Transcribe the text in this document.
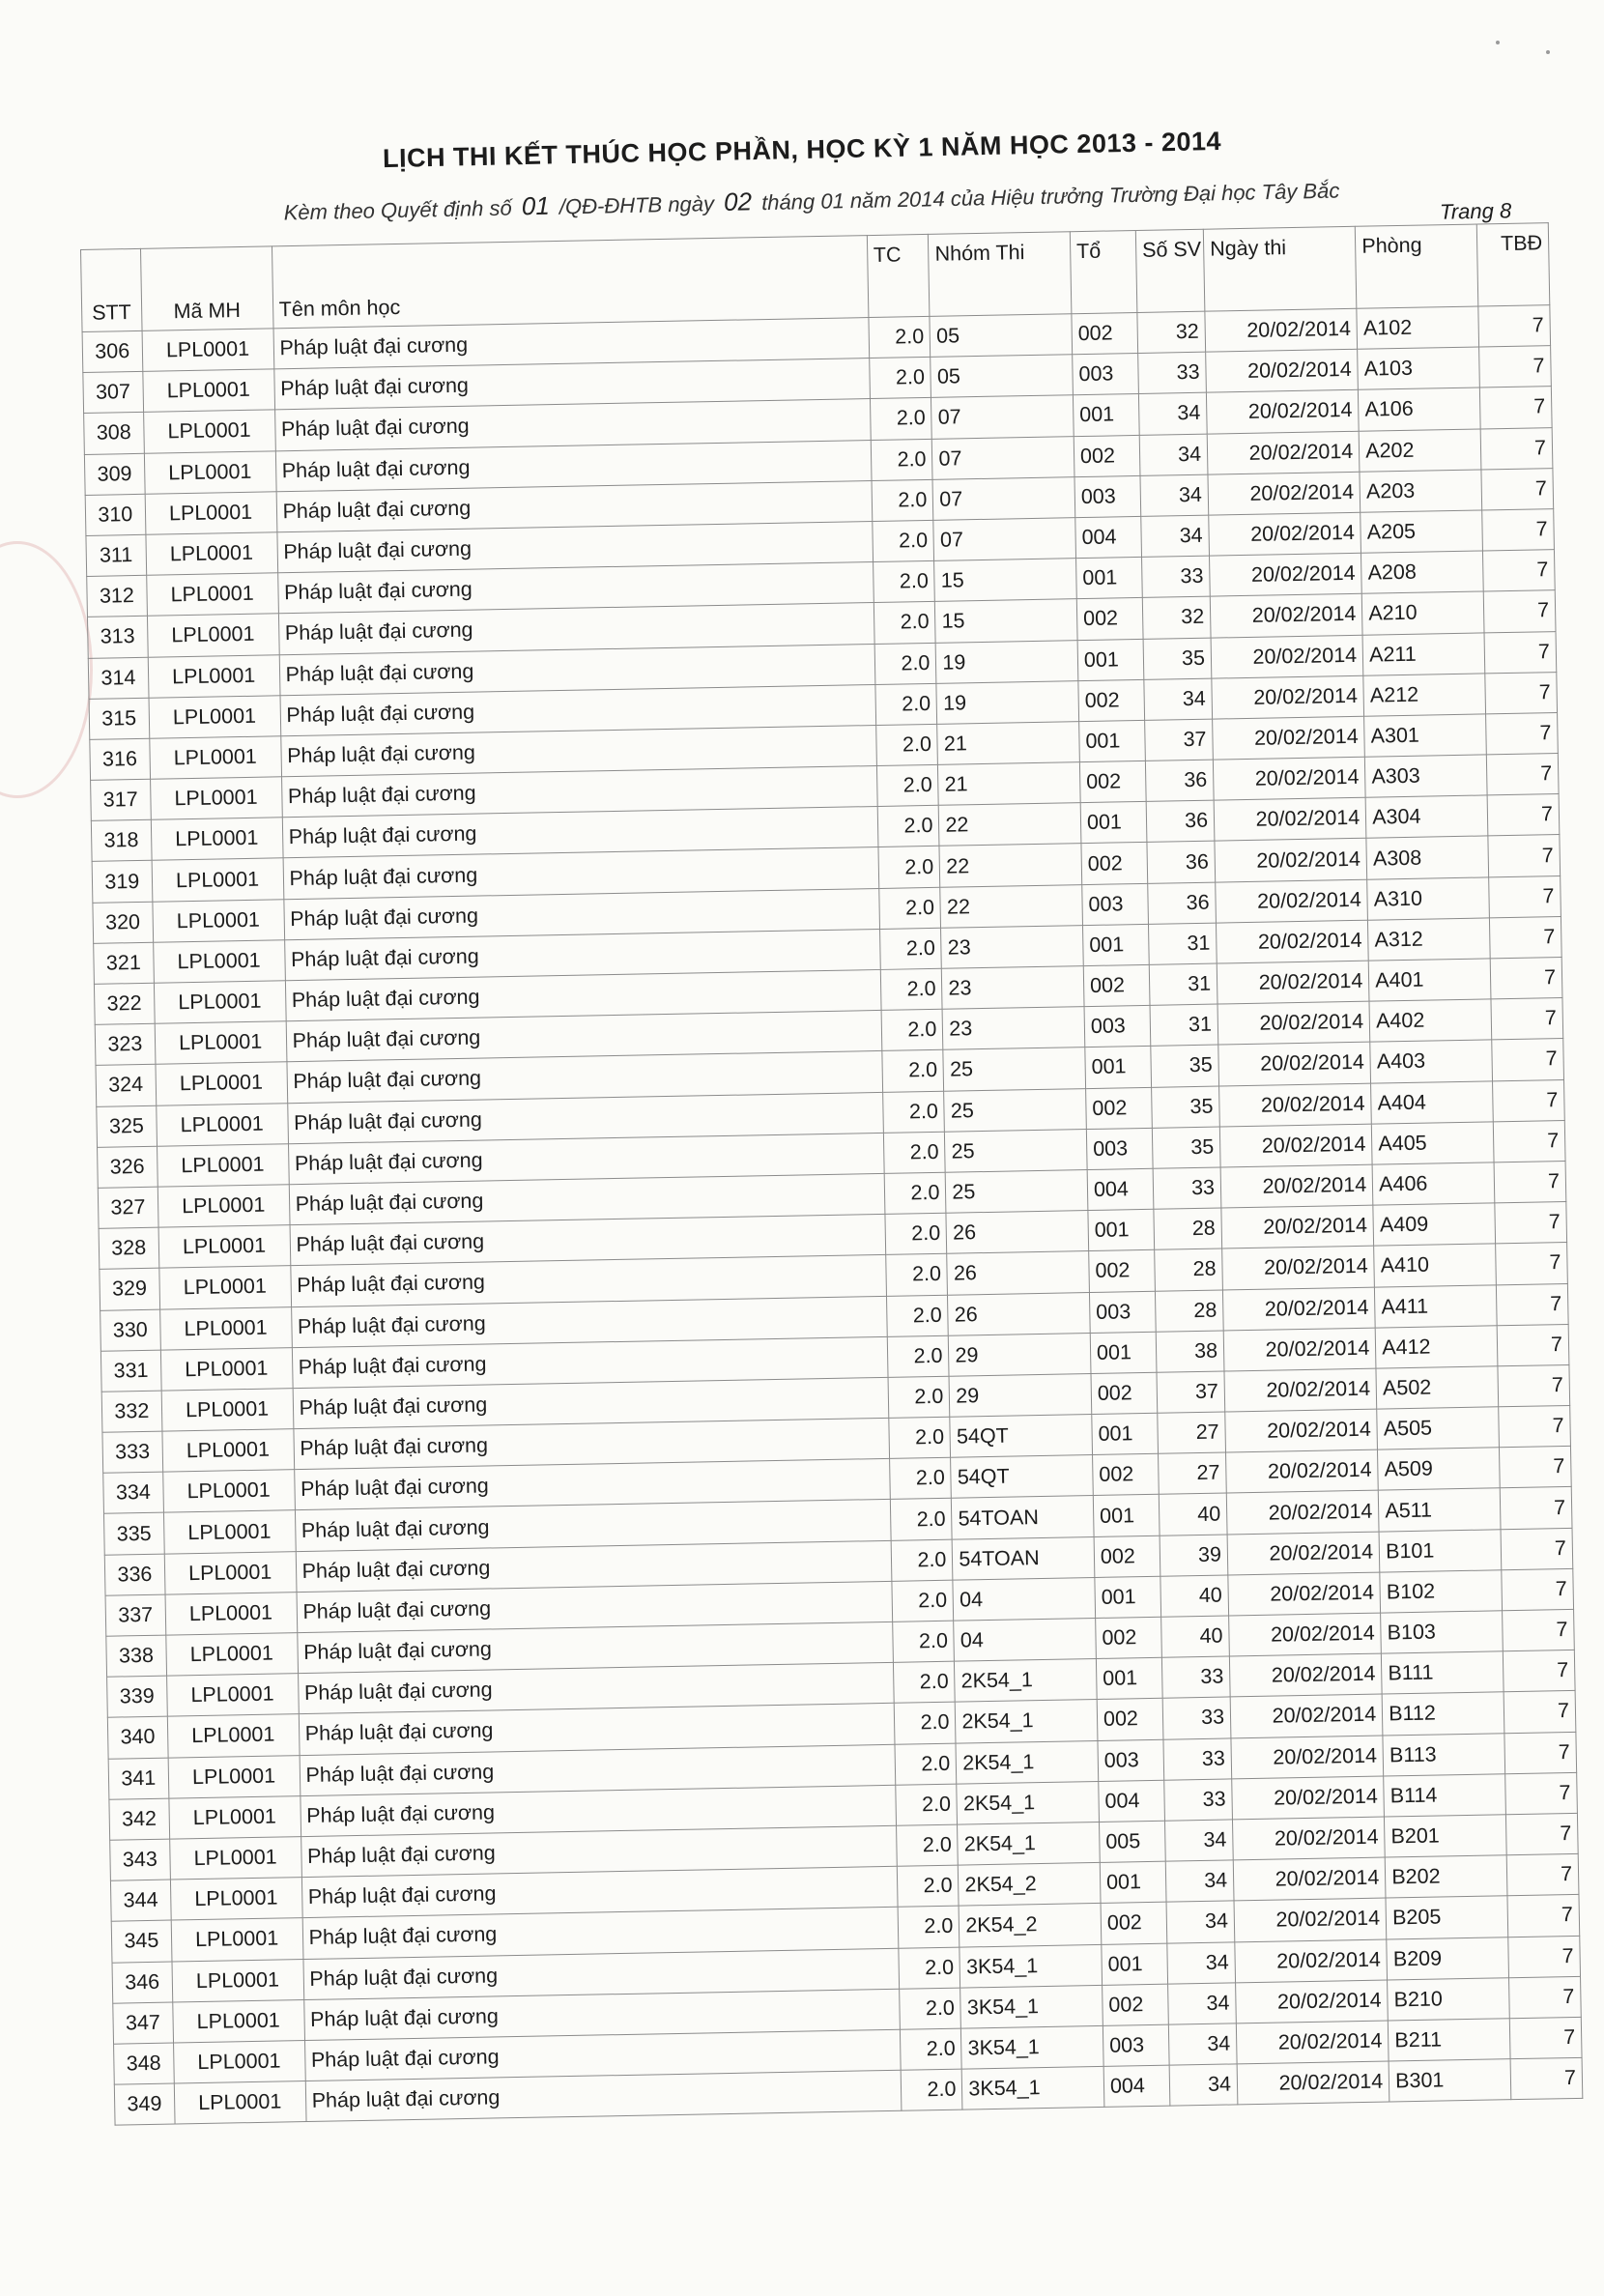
LỊCH THI KẾT THÚC HỌC PHẦN, HỌC KỲ 1 NĂM HỌC 2013 - 2014
Kèm theo Quyết định số 01 /QĐ-ĐHTB ngày 02 tháng 01 năm 2014 của Hiệu trưởng Trường Đại học Tây Bắc	Trang 8
STT	Mã MH	Tên môn học	TC	Nhóm Thi	Tổ	Số SV	Ngày thi	Phòng	TBĐ
306	LPL0001	Pháp luật đại cương	2.0	05	002	32	20/02/2014	A102	7
307	LPL0001	Pháp luật đại cương	2.0	05	003	33	20/02/2014	A103	7
308	LPL0001	Pháp luật đại cương	2.0	07	001	34	20/02/2014	A106	7
309	LPL0001	Pháp luật đại cương	2.0	07	002	34	20/02/2014	A202	7
310	LPL0001	Pháp luật đại cương	2.0	07	003	34	20/02/2014	A203	7
311	LPL0001	Pháp luật đại cương	2.0	07	004	34	20/02/2014	A205	7
312	LPL0001	Pháp luật đại cương	2.0	15	001	33	20/02/2014	A208	7
313	LPL0001	Pháp luật đại cương	2.0	15	002	32	20/02/2014	A210	7
314	LPL0001	Pháp luật đại cương	2.0	19	001	35	20/02/2014	A211	7
315	LPL0001	Pháp luật đại cương	2.0	19	002	34	20/02/2014	A212	7
316	LPL0001	Pháp luật đại cương	2.0	21	001	37	20/02/2014	A301	7
317	LPL0001	Pháp luật đại cương	2.0	21	002	36	20/02/2014	A303	7
318	LPL0001	Pháp luật đại cương	2.0	22	001	36	20/02/2014	A304	7
319	LPL0001	Pháp luật đại cương	2.0	22	002	36	20/02/2014	A308	7
320	LPL0001	Pháp luật đại cương	2.0	22	003	36	20/02/2014	A310	7
321	LPL0001	Pháp luật đại cương	2.0	23	001	31	20/02/2014	A312	7
322	LPL0001	Pháp luật đại cương	2.0	23	002	31	20/02/2014	A401	7
323	LPL0001	Pháp luật đại cương	2.0	23	003	31	20/02/2014	A402	7
324	LPL0001	Pháp luật đại cương	2.0	25	001	35	20/02/2014	A403	7
325	LPL0001	Pháp luật đại cương	2.0	25	002	35	20/02/2014	A404	7
326	LPL0001	Pháp luật đại cương	2.0	25	003	35	20/02/2014	A405	7
327	LPL0001	Pháp luật đại cương	2.0	25	004	33	20/02/2014	A406	7
328	LPL0001	Pháp luật đại cương	2.0	26	001	28	20/02/2014	A409	7
329	LPL0001	Pháp luật đại cương	2.0	26	002	28	20/02/2014	A410	7
330	LPL0001	Pháp luật đại cương	2.0	26	003	28	20/02/2014	A411	7
331	LPL0001	Pháp luật đại cương	2.0	29	001	38	20/02/2014	A412	7
332	LPL0001	Pháp luật đại cương	2.0	29	002	37	20/02/2014	A502	7
333	LPL0001	Pháp luật đại cương	2.0	54QT	001	27	20/02/2014	A505	7
334	LPL0001	Pháp luật đại cương	2.0	54QT	002	27	20/02/2014	A509	7
335	LPL0001	Pháp luật đại cương	2.0	54TOAN	001	40	20/02/2014	A511	7
336	LPL0001	Pháp luật đại cương	2.0	54TOAN	002	39	20/02/2014	B101	7
337	LPL0001	Pháp luật đại cương	2.0	04	001	40	20/02/2014	B102	7
338	LPL0001	Pháp luật đại cương	2.0	04	002	40	20/02/2014	B103	7
339	LPL0001	Pháp luật đại cương	2.0	2K54_1	001	33	20/02/2014	B111	7
340	LPL0001	Pháp luật đại cương	2.0	2K54_1	002	33	20/02/2014	B112	7
341	LPL0001	Pháp luật đại cương	2.0	2K54_1	003	33	20/02/2014	B113	7
342	LPL0001	Pháp luật đại cương	2.0	2K54_1	004	33	20/02/2014	B114	7
343	LPL0001	Pháp luật đại cương	2.0	2K54_1	005	34	20/02/2014	B201	7
344	LPL0001	Pháp luật đại cương	2.0	2K54_2	001	34	20/02/2014	B202	7
345	LPL0001	Pháp luật đại cương	2.0	2K54_2	002	34	20/02/2014	B205	7
346	LPL0001	Pháp luật đại cương	2.0	3K54_1	001	34	20/02/2014	B209	7
347	LPL0001	Pháp luật đại cương	2.0	3K54_1	002	34	20/02/2014	B210	7
348	LPL0001	Pháp luật đại cương	2.0	3K54_1	003	34	20/02/2014	B211	7
349	LPL0001	Pháp luật đại cương	2.0	3K54_1	004	34	20/02/2014	B301	7
